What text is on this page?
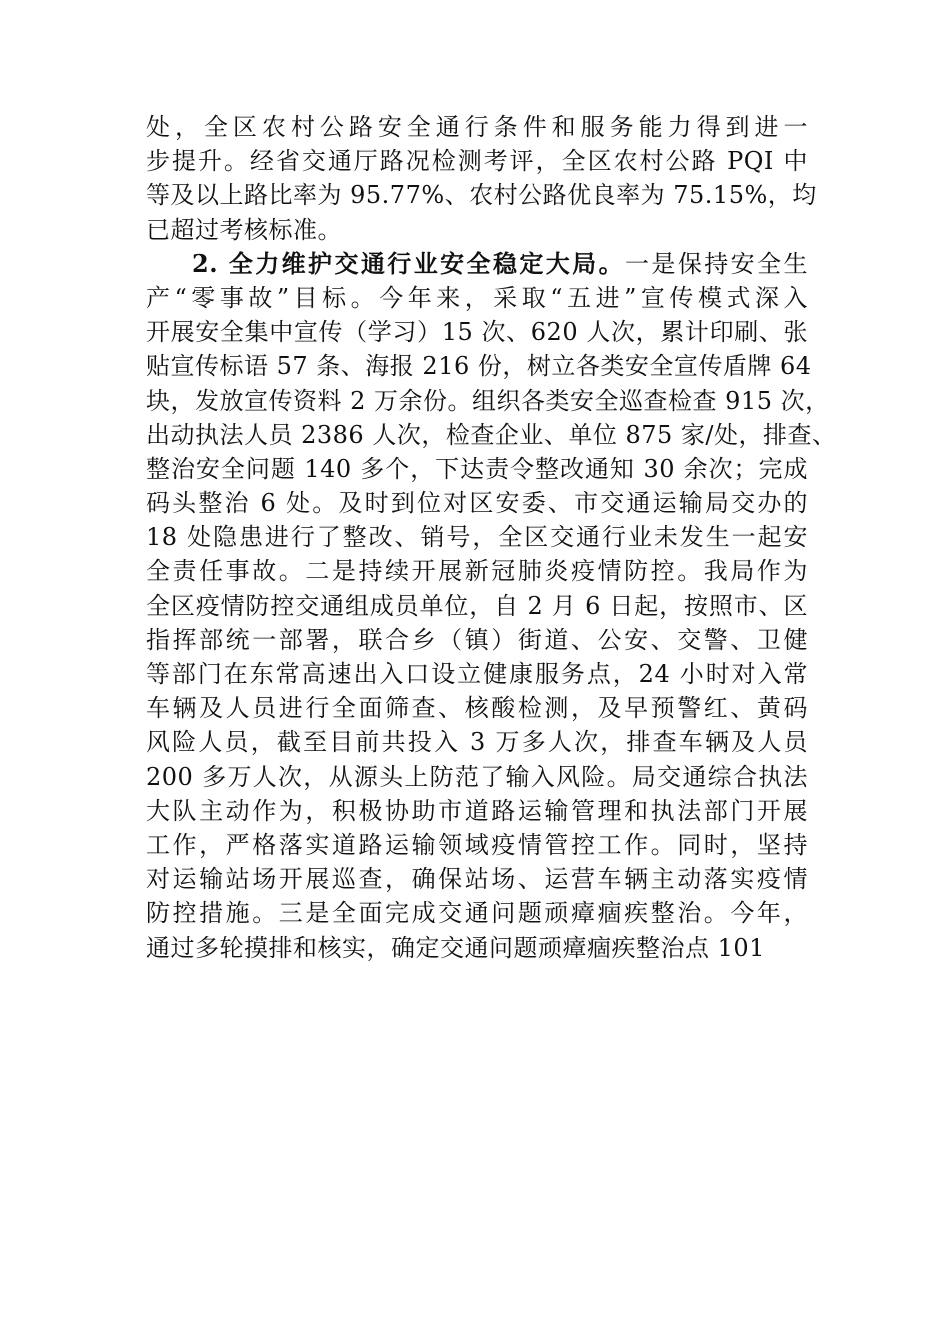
处，全区农村公路安全通行条件和服务能力得到进一
步提升。经省交通厅路况检测考评，全区农村公路 PQI 中
等及以上路比率为 95.77%、农村公路优良率为 75.15%，均
已超过考核标准。
2. 全力维护交通行业安全稳定大局。一是保持安全生
产“零事故”目标。今年来，采取“五进”宣传模式深入
开展安全集中宣传（学习）15 次、620 人次，累计印刷、张
贴宣传标语 57 条、海报 216 份，树立各类安全宣传盾牌 64
块，发放宣传资料 2 万余份。组织各类安全巡查检查 915 次，
出动执法人员 2386 人次，检查企业、单位 875 家/处，排查、
整治安全问题 140 多个，下达责令整改通知 30 余次；完成
码头整治 6 处。及时到位对区安委、市交通运输局交办的
18 处隐患进行了整改、销号，全区交通行业未发生一起安
全责任事故。二是持续开展新冠肺炎疫情防控。我局作为
全区疫情防控交通组成员单位，自 2 月 6 日起，按照市、区
指挥部统一部署，联合乡（镇）街道、公安、交警、卫健
等部门在东常高速出入口设立健康服务点，24 小时对入常
车辆及人员进行全面筛查、核酸检测，及早预警红、黄码
风险人员，截至目前共投入 3 万多人次，排查车辆及人员
200 多万人次，从源头上防范了输入风险。局交通综合执法
大队主动作为，积极协助市道路运输管理和执法部门开展
工作，严格落实道路运输领域疫情管控工作。同时，坚持
对运输站场开展巡查，确保站场、运营车辆主动落实疫情
防控措施。三是全面完成交通问题顽瘴痼疾整治。今年，
通过多轮摸排和核实，确定交通问题顽瘴痼疾整治点 101
